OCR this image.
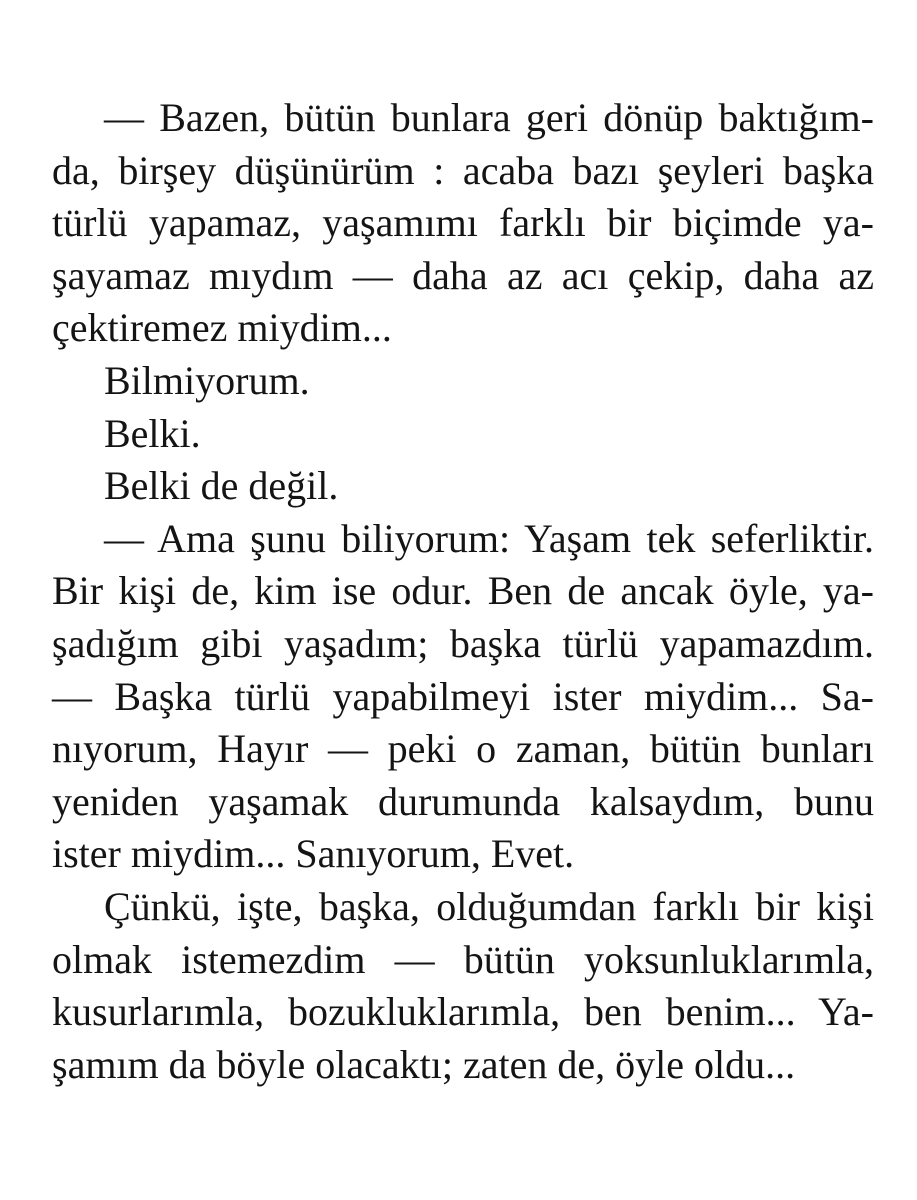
— Bazen, bütün bunlara geri dönüp baktığım-
da, birşey düşünürüm : acaba bazı şeyleri başka
türlü yapamaz, yaşamımı farklı bir biçimde ya-
şayamaz mıydım — daha az acı çekip, daha az
çektiremez miydim...
Bilmiyorum.
Belki.
Belki de değil.
— Ama şunu biliyorum: Yaşam tek seferliktir.
Bir kişi de, kim ise odur. Ben de ancak öyle, ya-
şadığım gibi yaşadım; başka türlü yapamazdım.
— Başka türlü yapabilmeyi ister miydim... Sa-
nıyorum, Hayır — peki o zaman, bütün bunları
yeniden yaşamak durumunda kalsaydım, bunu
ister miydim... Sanıyorum, Evet.
Çünkü, işte, başka, olduğumdan farklı bir kişi
olmak istemezdim — bütün yoksunluklarımla,
kusurlarımla, bozukluklarımla, ben benim... Ya-
şamım da böyle olacaktı; zaten de, öyle oldu...
